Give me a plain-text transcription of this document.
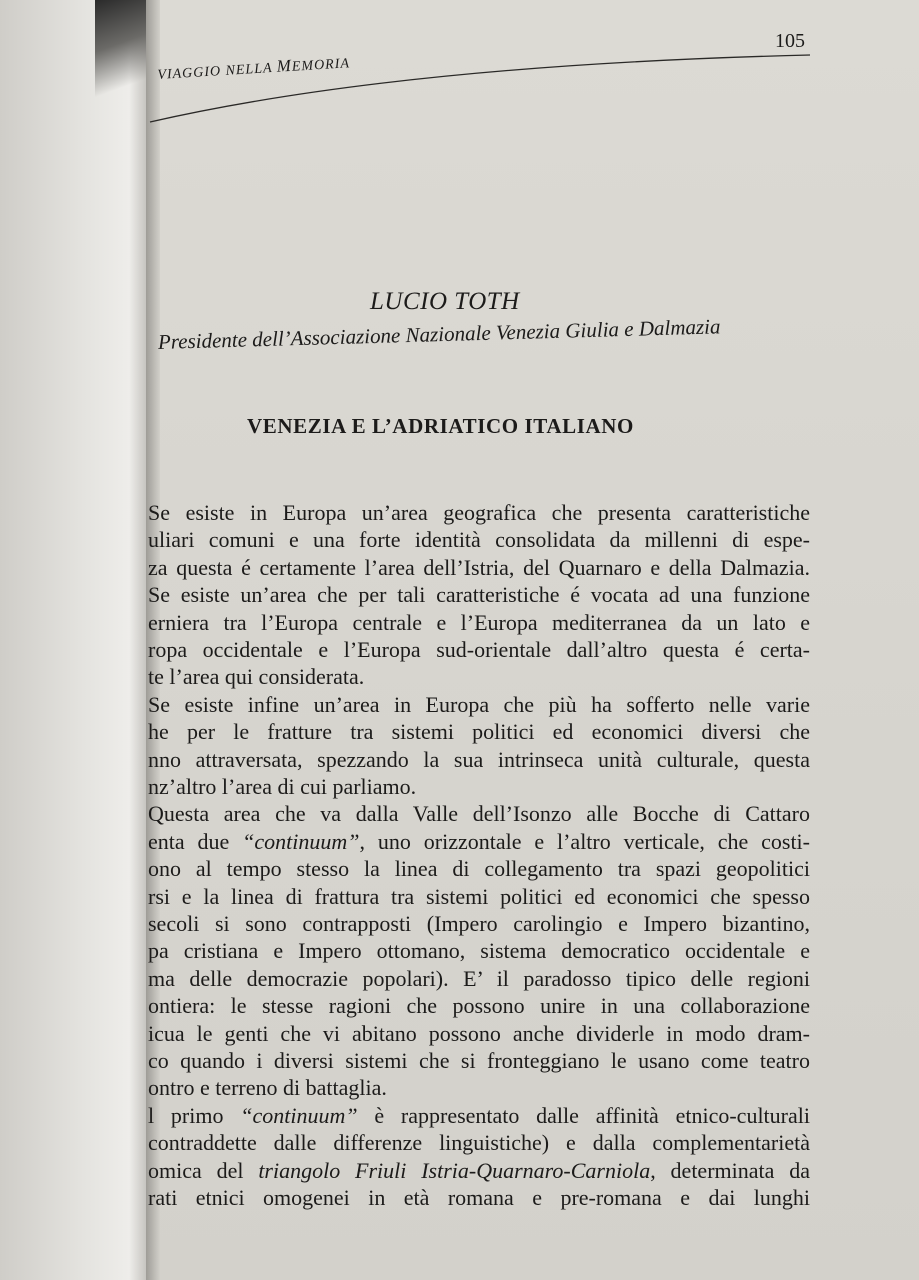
VIAGGIO NELLA MEMORIA
105
LUCIO TOTH
Presidente dell’Associazione Nazionale Venezia Giulia e Dalmazia
VENEZIA E L’ADRIATICO ITALIANO
Se esiste in Europa un’area geografica che presenta caratteristiche
uliari comuni e una forte identità consolidata da millenni di espe-
za questa é certamente l’area dell’Istria, del Quarnaro e della Dalmazia.
Se esiste un’area che per tali caratteristiche é vocata ad una funzione
erniera tra l’Europa centrale e l’Europa mediterranea da un lato e
ropa occidentale e l’Europa sud-orientale dall’altro questa é certa-
te l’area qui considerata.
Se esiste infine un’area in Europa che più ha sofferto nelle varie
he per le fratture tra sistemi politici ed economici diversi che
nno attraversata, spezzando la sua intrinseca unità culturale, questa
nz’altro l’area di cui parliamo.
Questa area che va dalla Valle dell’Isonzo alle Bocche di Cattaro
enta due “continuum”, uno orizzontale e l’altro verticale, che costi-
ono al tempo stesso la linea di collegamento tra spazi geopolitici
rsi e la linea di frattura tra sistemi politici ed economici che spesso
secoli si sono contrapposti (Impero carolingio e Impero bizantino,
pa cristiana e Impero ottomano, sistema democratico occidentale e
ma delle democrazie popolari). E’ il paradosso tipico delle regioni
ontiera: le stesse ragioni che possono unire in una collaborazione
icua le genti che vi abitano possono anche dividerle in modo dram-
co quando i diversi sistemi che si fronteggiano le usano come teatro
ontro e terreno di battaglia.
l primo “continuum” è rappresentato dalle affinità etnico-culturali
contraddette dalle differenze linguistiche) e dalla complementarietà
omica del triangolo Friuli Istria-Quarnaro-Carniola, determinata da
rati etnici omogenei in età romana e pre-romana e dai lunghi
